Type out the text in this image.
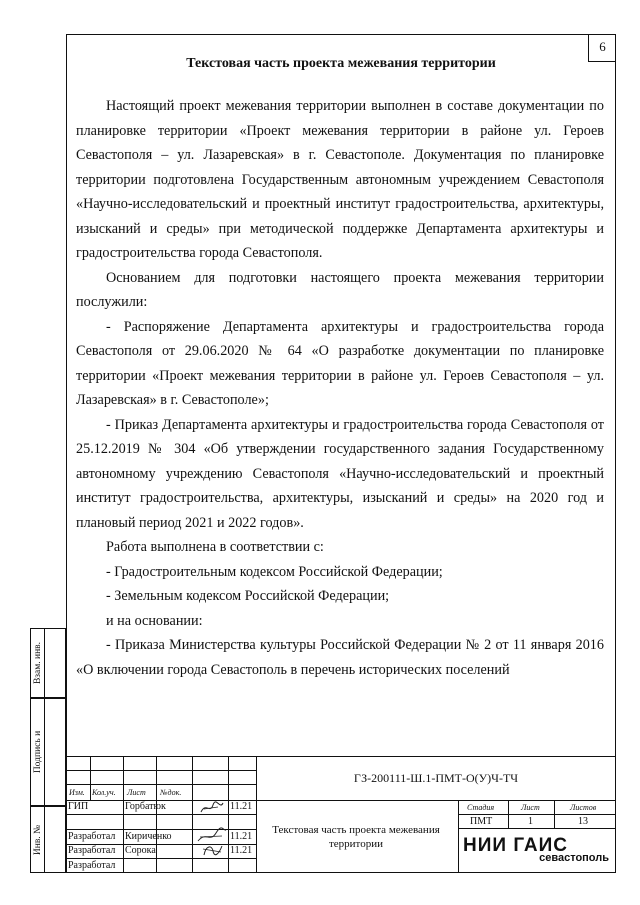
6
Текстовая часть проекта межевания территории

Настоящий проект межевания территории выполнен в составе документации по планировке территории «Проект межевания территории в районе ул. Героев Севастополя – ул. Лазаревская» в г. Севастополе. Документация по планировке территории подготовлена Государственным автономным учреждением Севастополя «Научно-исследовательский и проектный институт градостроительства, архитектуры, изысканий и среды» при методической поддержке Департамента архитектуры и градостроительства города Севастополя.

Основанием для подготовки настоящего проекта межевания территории послужили:

- Распоряжение Департамента архитектуры и градостроительства города Севастополя от 29.06.2020 № 64 «О разработке документации по планировке территории «Проект межевания территории в районе ул. Героев Севастополя – ул. Лазаревская» в г. Севастополе»;

- Приказ Департамента архитектуры и градостроительства города Севастополя от 25.12.2019 № 304 «Об утверждении государственного задания Государственному автономному учреждению Севастополя «Научно-исследовательский и проектный институт градостроительства, архитектуры, изысканий и среды» на 2020 год и плановый период 2021 и 2022 годов».

Работа выполнена в соответствии с:

- Градостроительным кодексом Российской Федерации;

- Земельным кодексом Российской Федерации;

и на основании:

- Приказа Министерства культуры Российской Федерации № 2 от 11 января 2016 «О включении города Севастополь в перечень исторических поселений

Взам. инв.
Подпись и
Инв. №
Изм. Кол.уч. Лист №док.
ГЗ-200111-Ш.1-ПМТ-О(У)Ч-ТЧ
ГИП	Горбатюк	11.21
Разработал Кириченко	11.21
Разработал Сорока	11.21
Разработал
Текстовая часть проекта межевания территории
Стадия	Лист	Листов
ПМТ	1	13
НИИ ГАИС
севастополь
